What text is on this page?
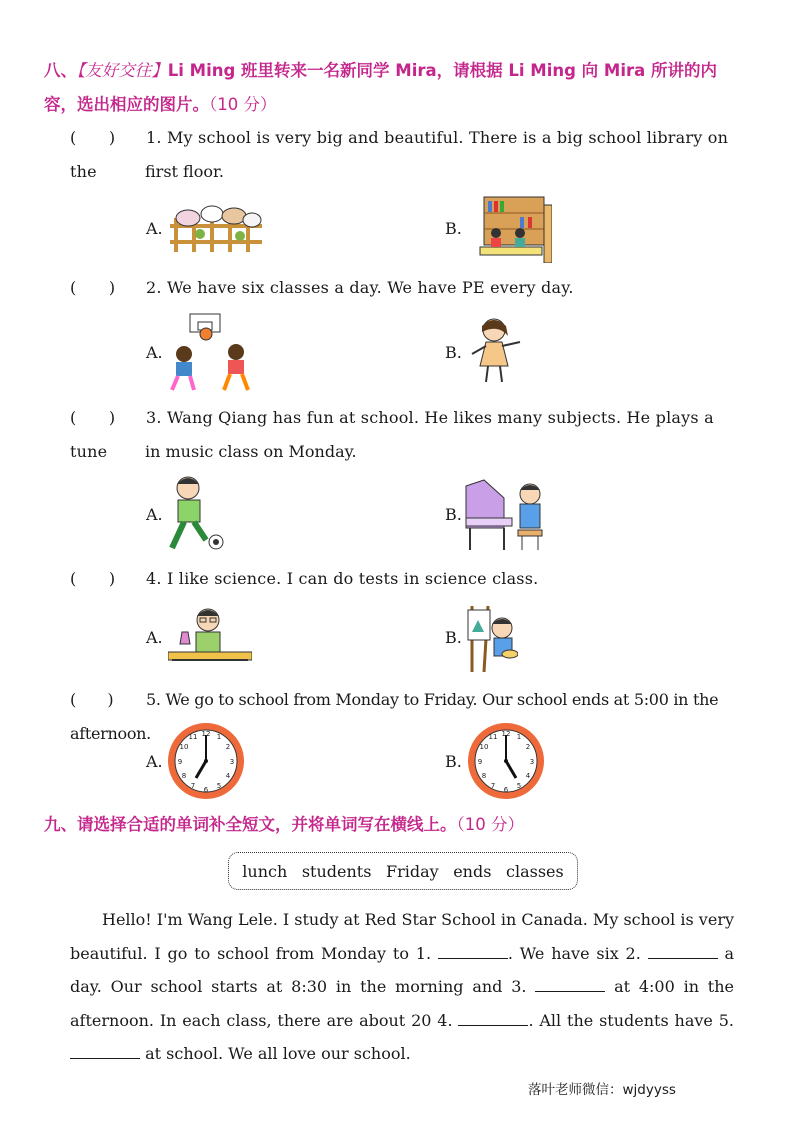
八、【友好交往】Li Ming 班里转来一名新同学 Mira，请根据 Li Ming 向 Mira 所讲的内
容，选出相应的图片。（10 分）
(　　) 1. My school is very big and beautiful. There is a big school library on the	first floor.
A.	B.
(　　) 2. We have six classes a day. We have PE every day.
A.	B.
(　　) 3. Wang Qiang has fun at school. He likes many subjects. He plays a tune	in music class on Monday.
A.	B.
(　　) 4. I like science. I can do tests in science class.
A.	B.
(　　) 5. We go to school from Monday to Friday. Our school ends at 5:00 in the afternoon.
A.
12 1
2
3
4
5
6
7
8
9
10
11
B.
12 1
2
3
4
5
6
7
8
9
10
11
九、请选择合适的单词补全短文，并将单词写在横线上。（10 分）
lunch students Friday ends classes
Hello! I'm Wang Lele. I study at Red Star School in Canada. My school is very beautiful. I go to school from Monday to 1.	. We have six 2.	a day. Our school starts at 8:30 in the morning and 3.	at 4:00 in the afternoon. In each class, there are about 20 4.	. All the students have 5.  at school. We all love our school.
落叶老师微信：wjdyyss
